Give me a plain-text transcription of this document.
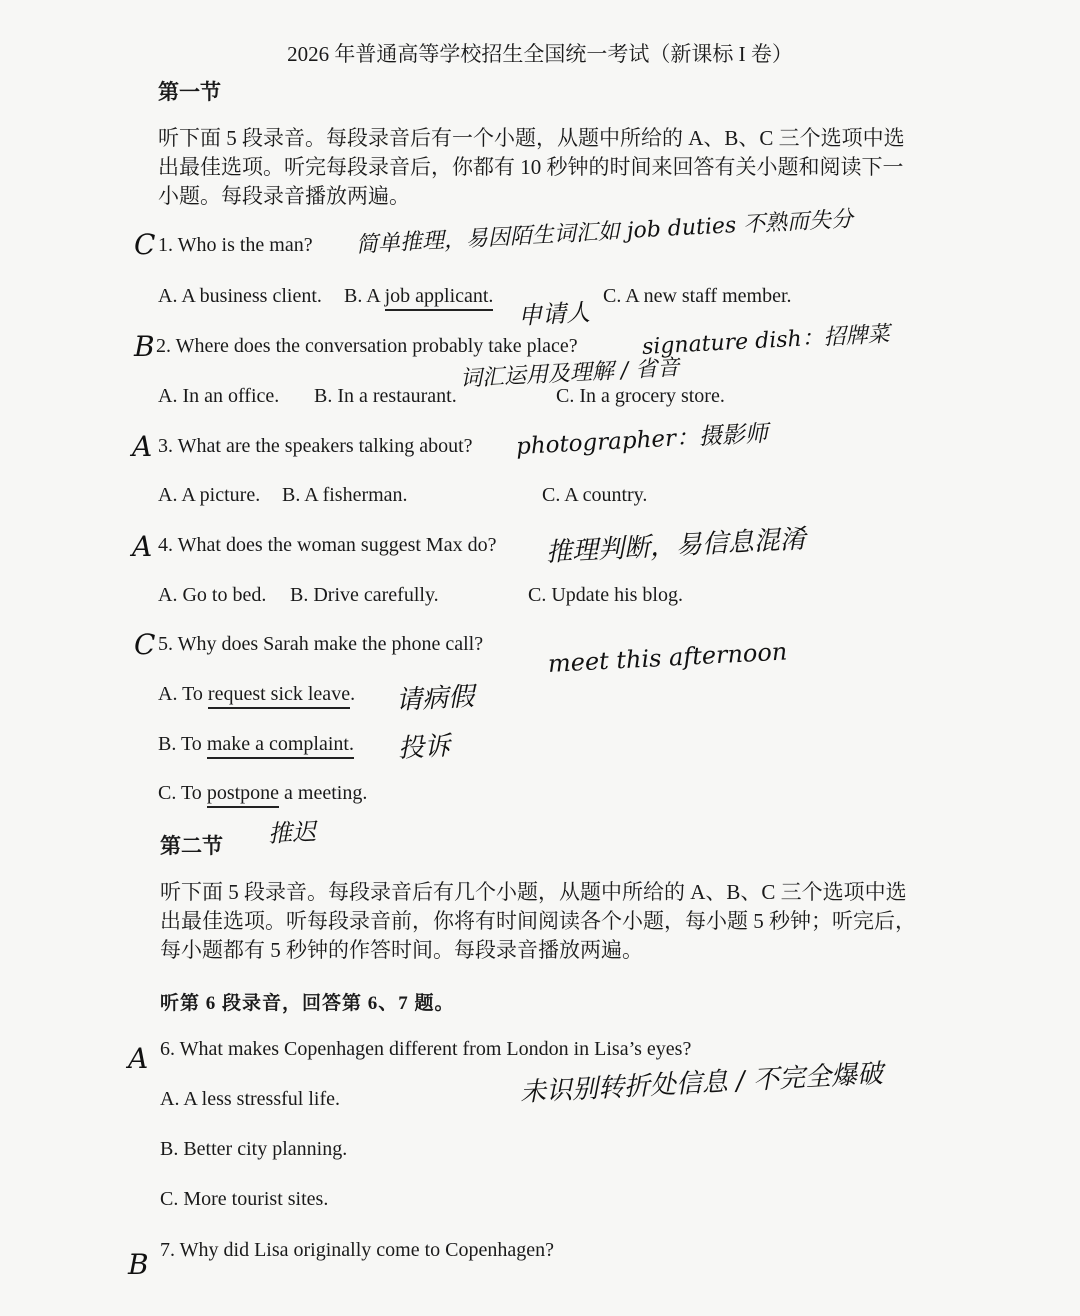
2026 年普通高等学校招生全国统一考试（新课标 I 卷）
第一节
听下面 5 段录音。每段录音后有一个小题，从题中所给的 A、B、C 三个选项中选出最佳选项。听完每段录音后，你都有 10 秒钟的时间来回答有关小题和阅读下一小题。每段录音播放两遍。
C 1. Who is the man? 简单推理，易因陌生词汇如 job duties 不熟而失分
A. A business client. B. A job applicant.
申请人
C. A new staff member.
B 2. Where does the conversation probably take place?	signature dish：招牌菜
词汇运用及理解 / 省音
A. In an office. B. In a restaurant.	C. In a grocery store.
A 3. What are the speakers talking about? photographer：摄影师
A. A picture. B. A fisherman.	C. A country.
A 4. What does the woman suggest Max do? 推理判断，易信息混淆
A. Go to bed. B. Drive carefully.	C. Update his blog.
C 5. Why does Sarah make the phone call?	meet this afternoon
A. To request sick leave. 请病假
B. To make a complaint. 投诉
C. To postpone a meeting.
推迟
第二节
听下面 5 段录音。每段录音后有几个小题，从题中所给的 A、B、C 三个选项中选出最佳选项。听每段录音前，你将有时间阅读各个小题，每小题 5 秒钟；听完后，每小题都有 5 秒钟的作答时间。每段录音播放两遍。
听第 6 段录音，回答第 6、7 题。
A 6. What makes Copenhagen different from London in Lisa’s eyes?
未识别转折处信息 / 不完全爆破
A. A less stressful life.
B. Better city planning.
C. More tourist sites.
B 7. Why did Lisa originally come to Copenhagen?
